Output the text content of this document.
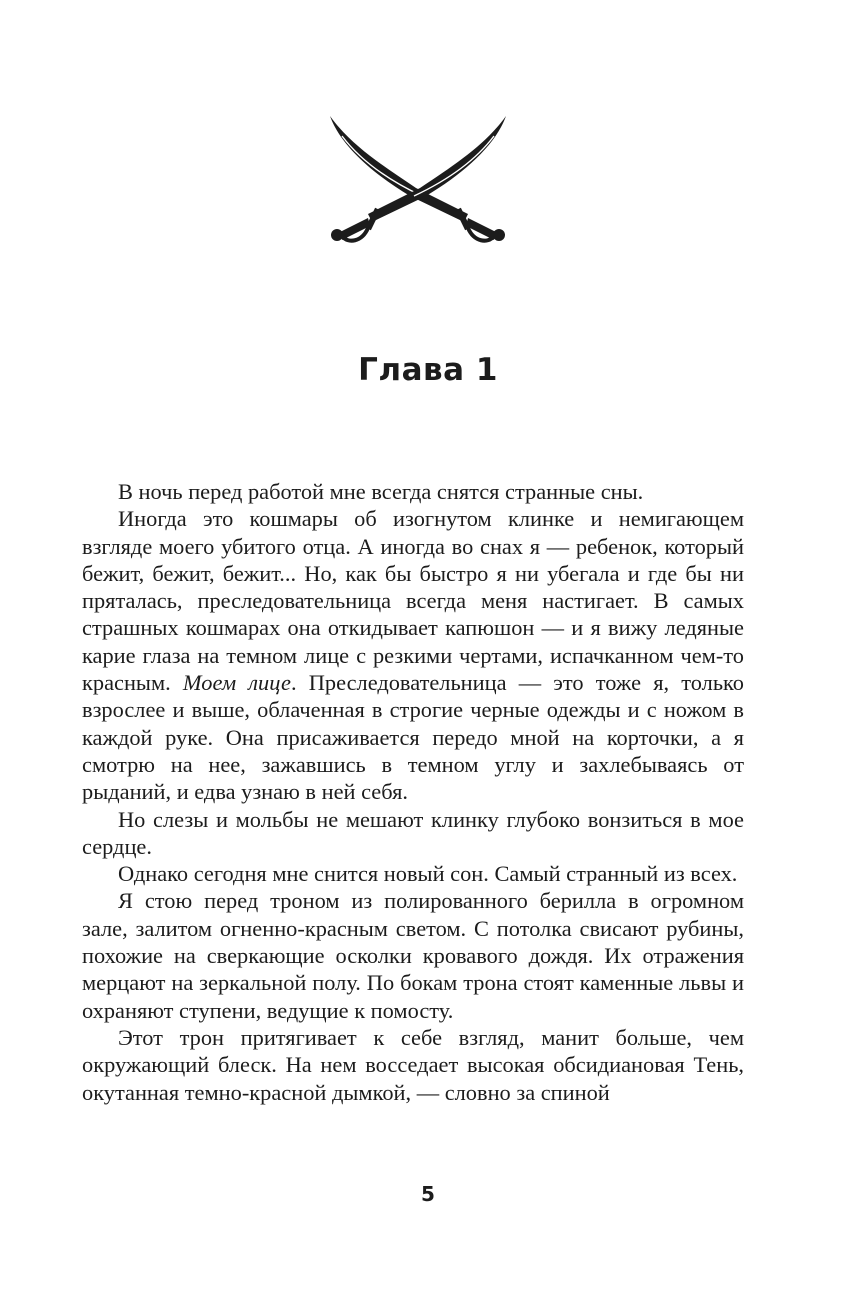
Глава 1

В ночь перед работой мне всегда снятся странные сны.

Иногда это кошмары об изогнутом клинке и немигающем взгляде моего убитого отца. А иногда во снах я — ребенок, который бежит, бежит, бежит... Но, как бы быстро я ни убегала и где бы ни пряталась, преследовательница всегда меня настигает. В самых страшных кошмарах она откидывает капюшон — и я вижу ледяные карие глаза на темном лице с резкими чертами, испачканном чем-то красным. Моем лице. Преследовательница — это тоже я, только взрослее и выше, облаченная в строгие черные одежды и с ножом в каждой руке. Она присаживается передо мной на корточки, а я смотрю на нее, зажавшись в темном углу и захлебываясь от рыданий, и едва узнаю в ней себя.

Но слезы и мольбы не мешают клинку глубоко вонзиться в мое сердце.

Однако сегодня мне снится новый сон. Самый странный из всех.

Я стою перед троном из полированного берилла в огромном зале, залитом огненно-красным светом. С потолка свисают рубины, похожие на сверкающие осколки кровавого дождя. Их отражения мерцают на зеркальной полу. По бокам трона стоят каменные львы и охраняют ступени, ведущие к помосту.

Этот трон притягивает к себе взгляд, манит больше, чем окружающий блеск. На нем восседает высокая обсидиановая Тень, окутанная темно-красной дымкой, — словно за спиной

5
